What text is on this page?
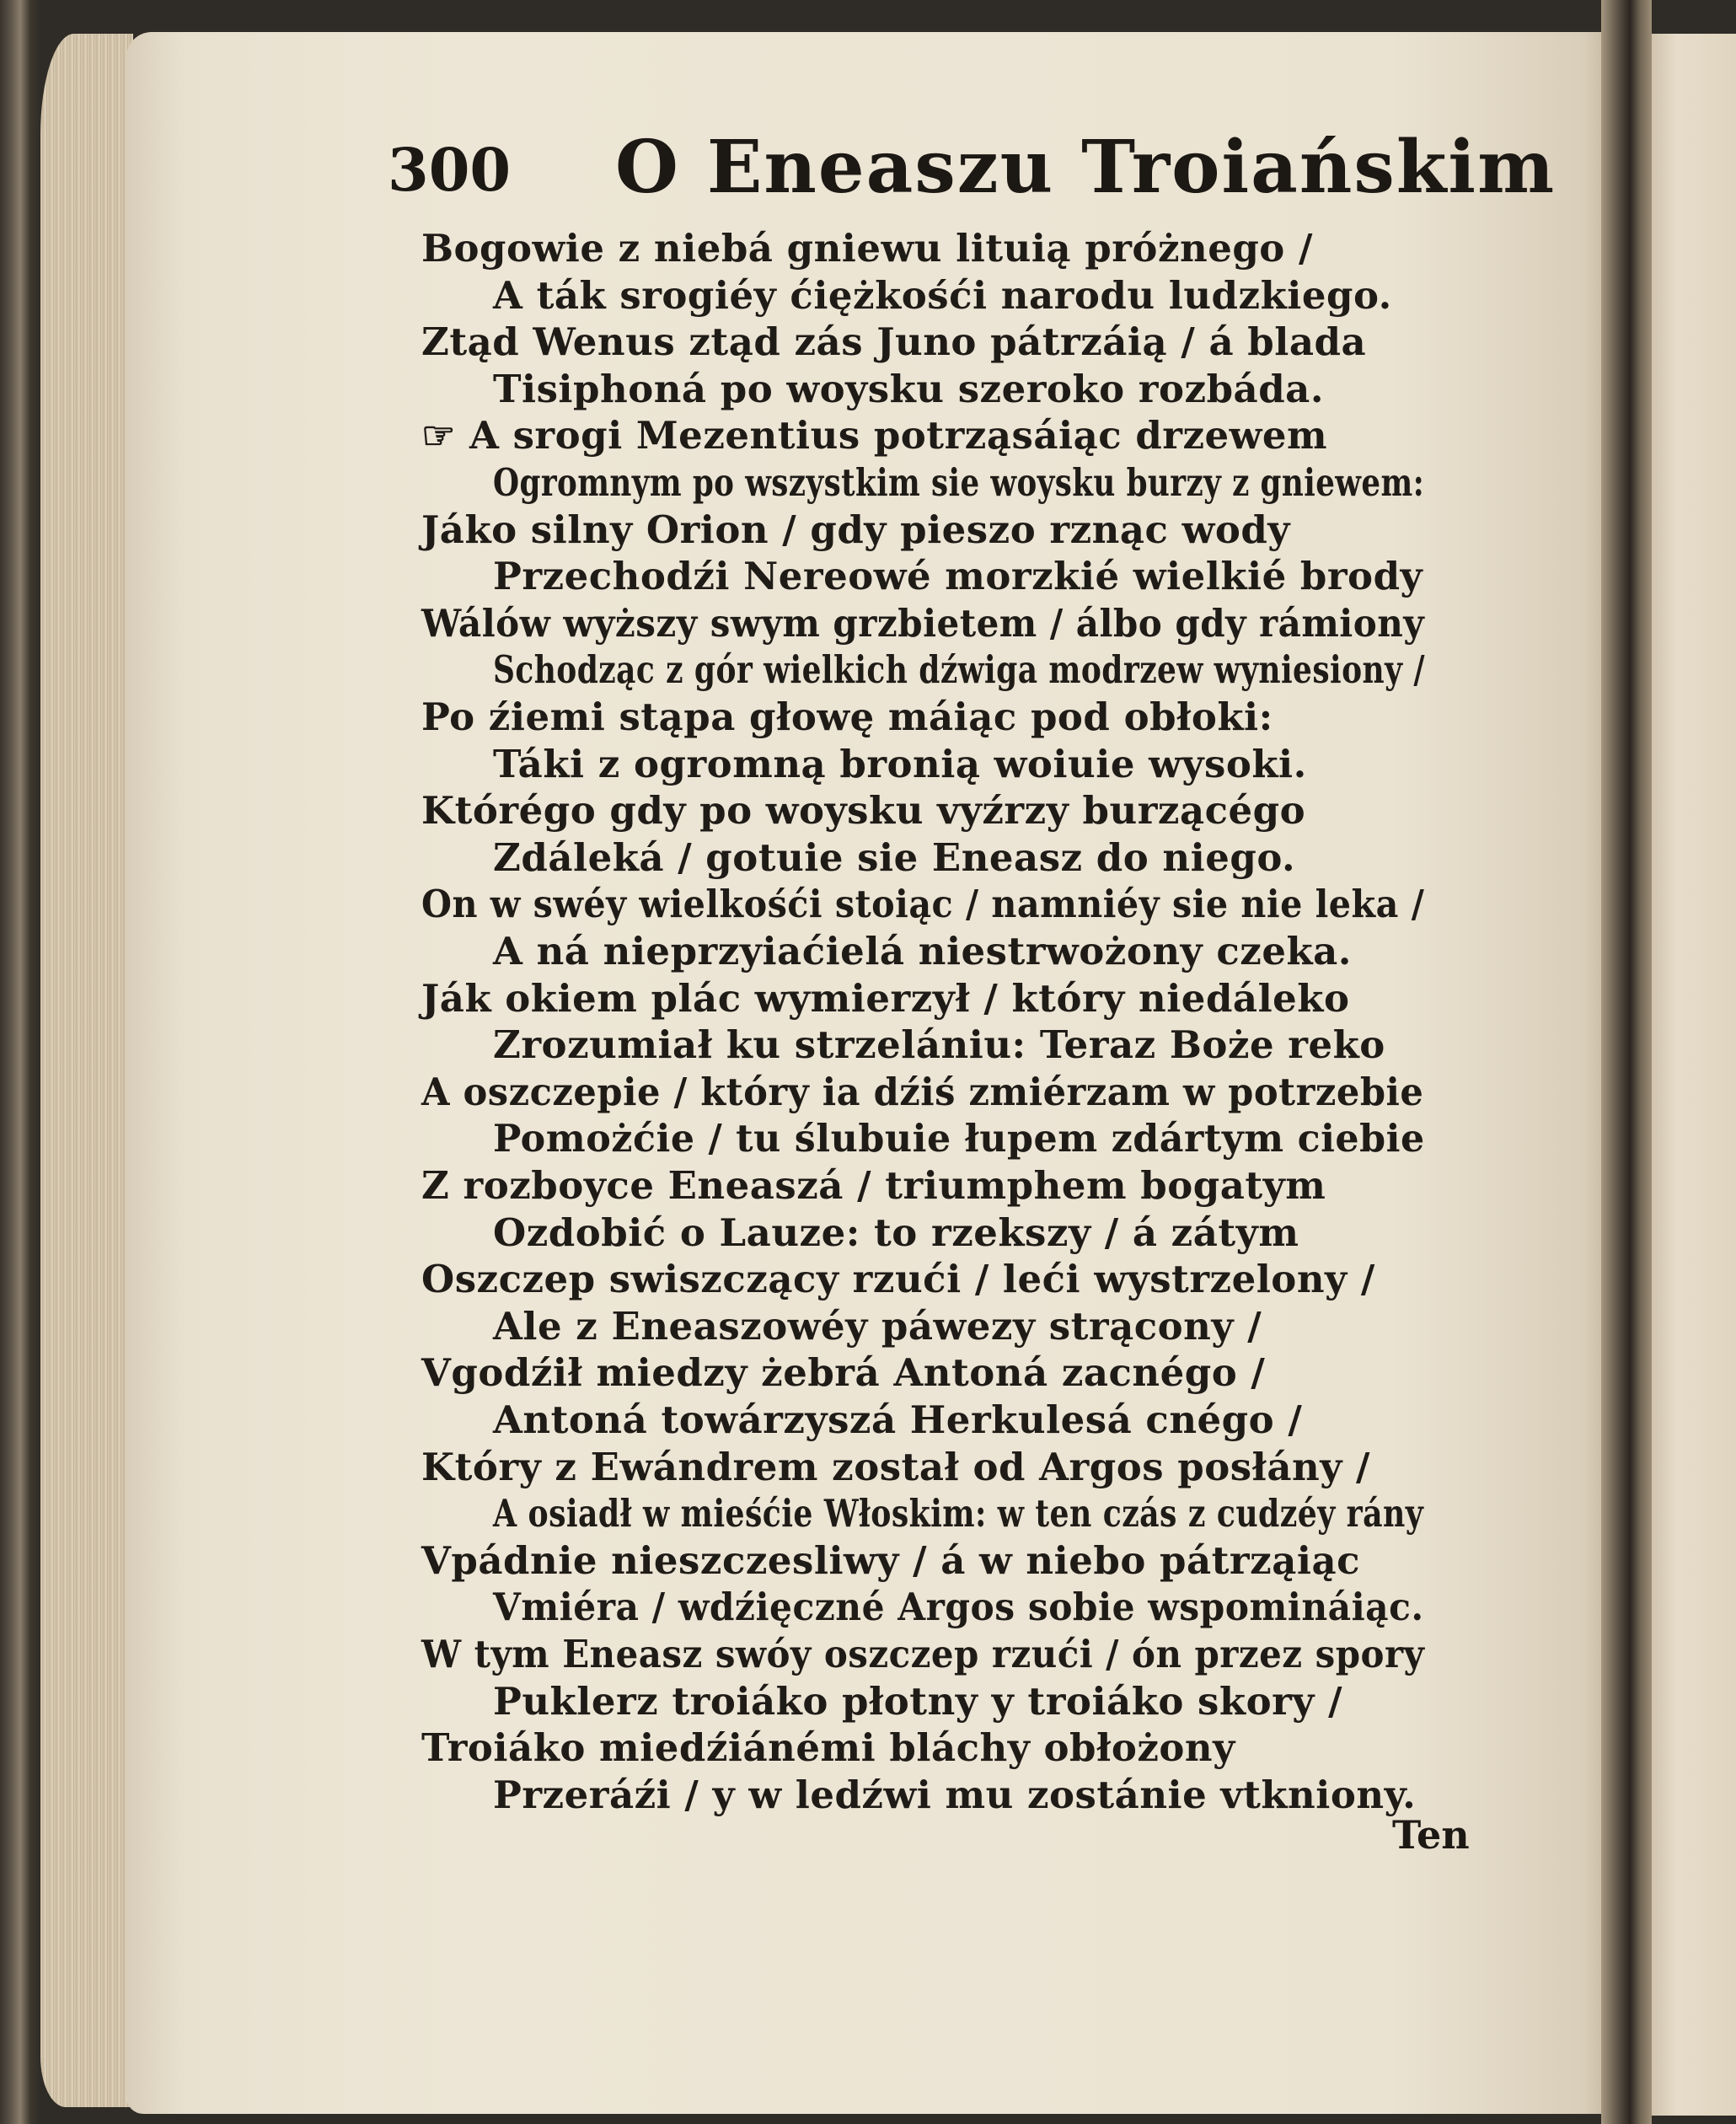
300 O Eneaszu Troiańskim
Bogowie z niebá gniewu lituią próżnego /
A ták srogiéy ćiężkośći narodu ludzkiego.
Ztąd Wenus ztąd zás Juno pátrzáią / á blada
Tisiphoná po woysku szeroko rozbáda.
☞ A srogi Mezentius potrząsáiąc drzewem
Ogromnym po wszystkim sie woysku burzy z gniewem:
Jáko silny Orion / gdy pieszo rznąc wody
Przechodźi Nereowé morzkié wielkié brody
Wálów wyższy swym grzbietem / álbo gdy rámiony
Schodząc z gór wielkich dźwiga modrzew wyniesiony /
Po źiemi stąpa głowę máiąc pod obłoki:
Táki z ogromną bronią woiuie wysoki.
Którégo gdy po woysku vyźrzy burzącégo
Zdáleká / gotuie sie Eneasz do niego.
On w swéy wielkośći stoiąc / namniéy sie nie leka /
A ná nieprzyiaćielá niestrwożony czeka.
Ják okiem plác wymierzył / który niedáleko
Zrozumiał ku strzelániu: Teraz Boże reko
A oszczepie / który ia dźiś zmiérzam w potrzebie
Pomożćie / tu ślubuie łupem zdártym ciebie
Z rozboyce Eneaszá / triumphem bogatym
Ozdobić o Lauze: to rzekszy / á zátym
Oszczep swiszczący rzući / leći wystrzelony /
Ale z Eneaszowéy páwezy strącony /
Vgodźił miedzy żebrá Antoná zacnégo /
Antoná towárzyszá Herkulesá cnégo /
Który z Ewándrem został od Argos posłány /
A osiadł w mieśćie Włoskim: w ten czás z cudzéy rány
Vpádnie nieszczesliwy / á w niebo pátrząiąc
Vmiéra / wdźięczné Argos sobie wspomináiąc.
W tym Eneasz swóy oszczep rzući / ón przez spory
Puklerz troiáko płotny y troiáko skory /
Troiáko miedźiánémi bláchy obłożony
Przeráźi / y w ledźwi mu zostánie vtkniony.
Ten
